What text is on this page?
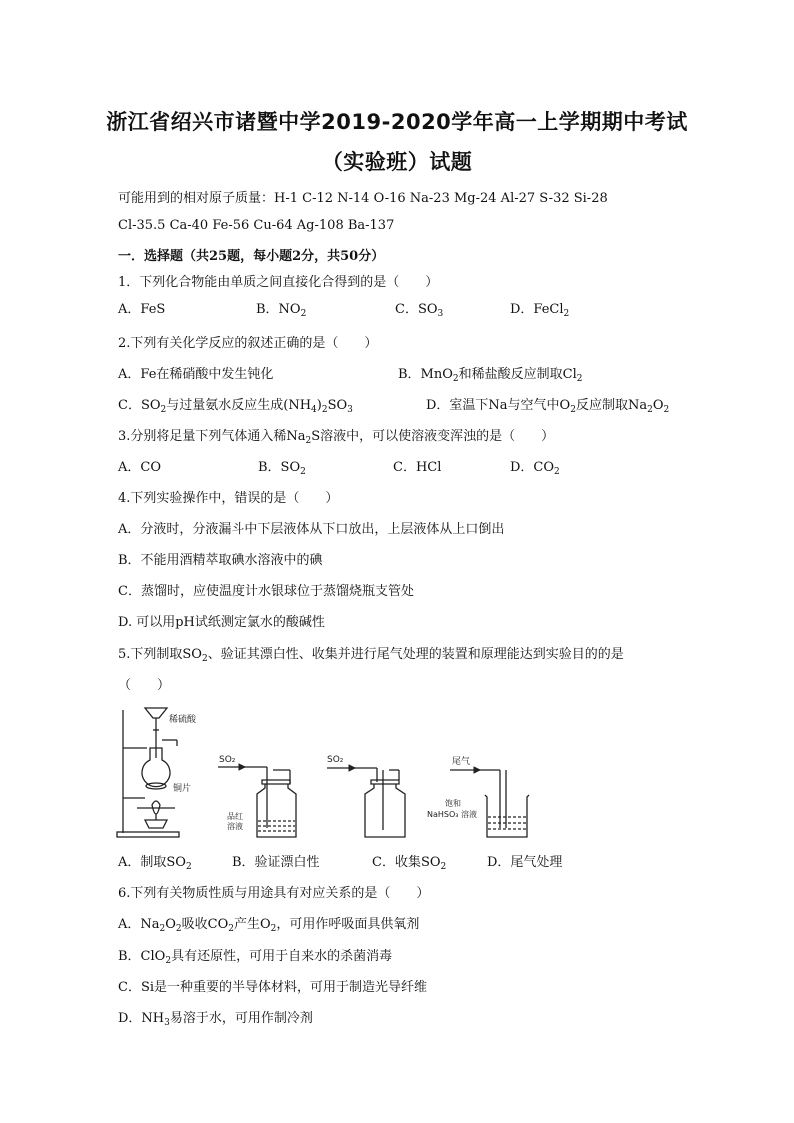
浙江省绍兴市诸暨中学2019-2020学年高一上学期期中考试
（实验班）试题
可能用到的相对原子质量：H-1 C-12 N-14 O-16 Na-23 Mg-24 Al-27 S-32 Si-28
Cl-35.5 Ca-40 Fe-56 Cu-64 Ag-108 Ba-137
一．选择题（共25题，每小题2分，共50分）
1．下列化合物能由单质之间直接化合得到的是（　　）
A．FeS	B．$NO_2$	C．$SO_3$	D．FeCl$_2$
2.下列有关化学反应的叙述正确的是（　　）
A．Fe在稀硝酸中发生钝化	B．MnO$_2$和稀盐酸反应制取$Cl_2$
C．$SO_2$与过量氨水反应生成$(NH_4)_2SO_3$	D．室温下Na与空气中$O_2$反应制取$Na_2O_2$
3.分别将足量下列气体通入稀$Na_2S$溶液中，可以使溶液变浑浊的是（　　）
A．CO	B．$SO_2$	C．HCl	D．$CO_2$
4.下列实验操作中，错误的是（　　）
A．分液时，分液漏斗中下层液体从下口放出，上层液体从上口倒出
B．不能用酒精萃取碘水溶液中的碘
C．蒸馏时，应使温度计水银球位于蒸馏烧瓶支管处
D. 可以用pH试纸测定氯水的酸碱性
5.下列制取$SO_2$、验证其漂白性、收集并进行尾气处理的装置和原理能达到实验目的的是
（　　）
稀硫酸
铜片
SO₂
品红
溶液
SO₂	尾气
饱和
NaHSO₃ 溶液
A．制取$SO_2$	B．验证漂白性	C．收集$SO_2$	D．尾气处理
6.下列有关物质性质与用途具有对应关系的是（　　）
A．$Na_2O_2$吸收$CO_2$产生$O_2$，可用作呼吸面具供氧剂
B．ClO$_2$具有还原性，可用于自来水的杀菌消毒
C．Si是一种重要的半导体材料，可用于制造光导纤维
D．$NH_3$易溶于水，可用作制冷剂
